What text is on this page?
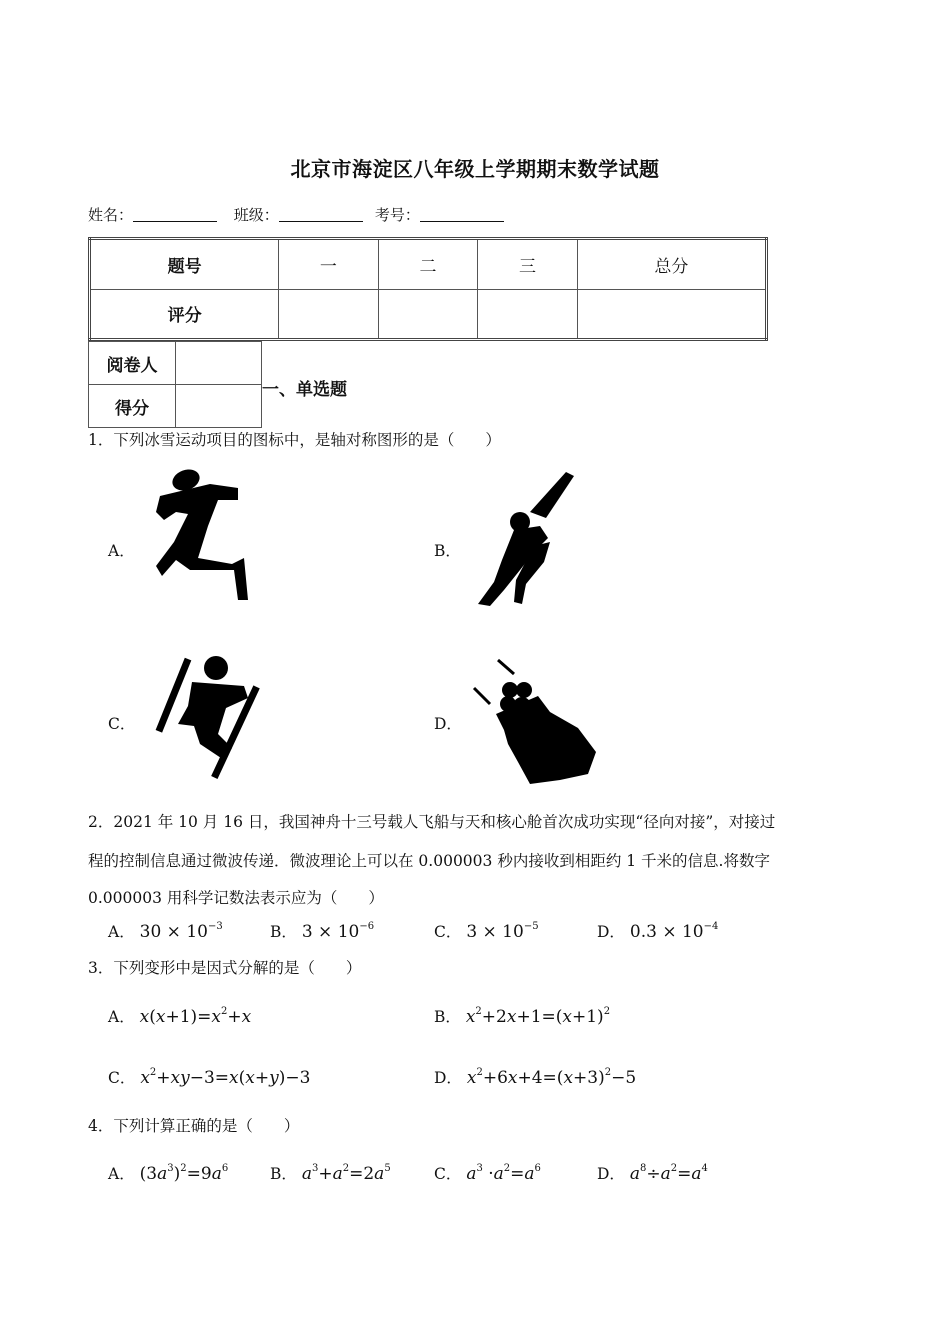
北京市海淀区八年级上学期期末数学试题
姓名：	班级：	考号：
题号	一	二	三	总分
评分				
阅卷人	
得分	
一、单选题
1．下列冰雪运动项目的图标中，是轴对称图形的是（　　）
A．	B．
C．	D．
2．2021 年 10 月 16 日，我国神舟十三号载人飞船与天和核心舱首次成功实现“径向对接”，对接过
程的控制信息通过微波传递．微波理论上可以在 0.000003 秒内接收到相距约 1 千米的信息.将数字
0.000003 用科学记数法表示应为（　　）
A． $30 \times 10^{-3}$	B． $3 \times 10^{-6}$	C． $3 \times 10^{-5}$	D． $0.3 \times 10^{-4}$
3．下列变形中是因式分解的是（　　）
A． $x(x+1)=x^2+x$	B． $x^2+2x+1=(x+1)^2$
C． $x^2+xy-3=x(x+y)-3$	D． $x^2+6x+4=(x+3)^2-5$
4．下列计算正确的是（　　）
A． $(3a^3)^2=9a^6$	B． $a^3+a^2=2a^5$	C． $a^3 \cdot a^2=a^6$	D． $a^8\div a^2=a^4$
